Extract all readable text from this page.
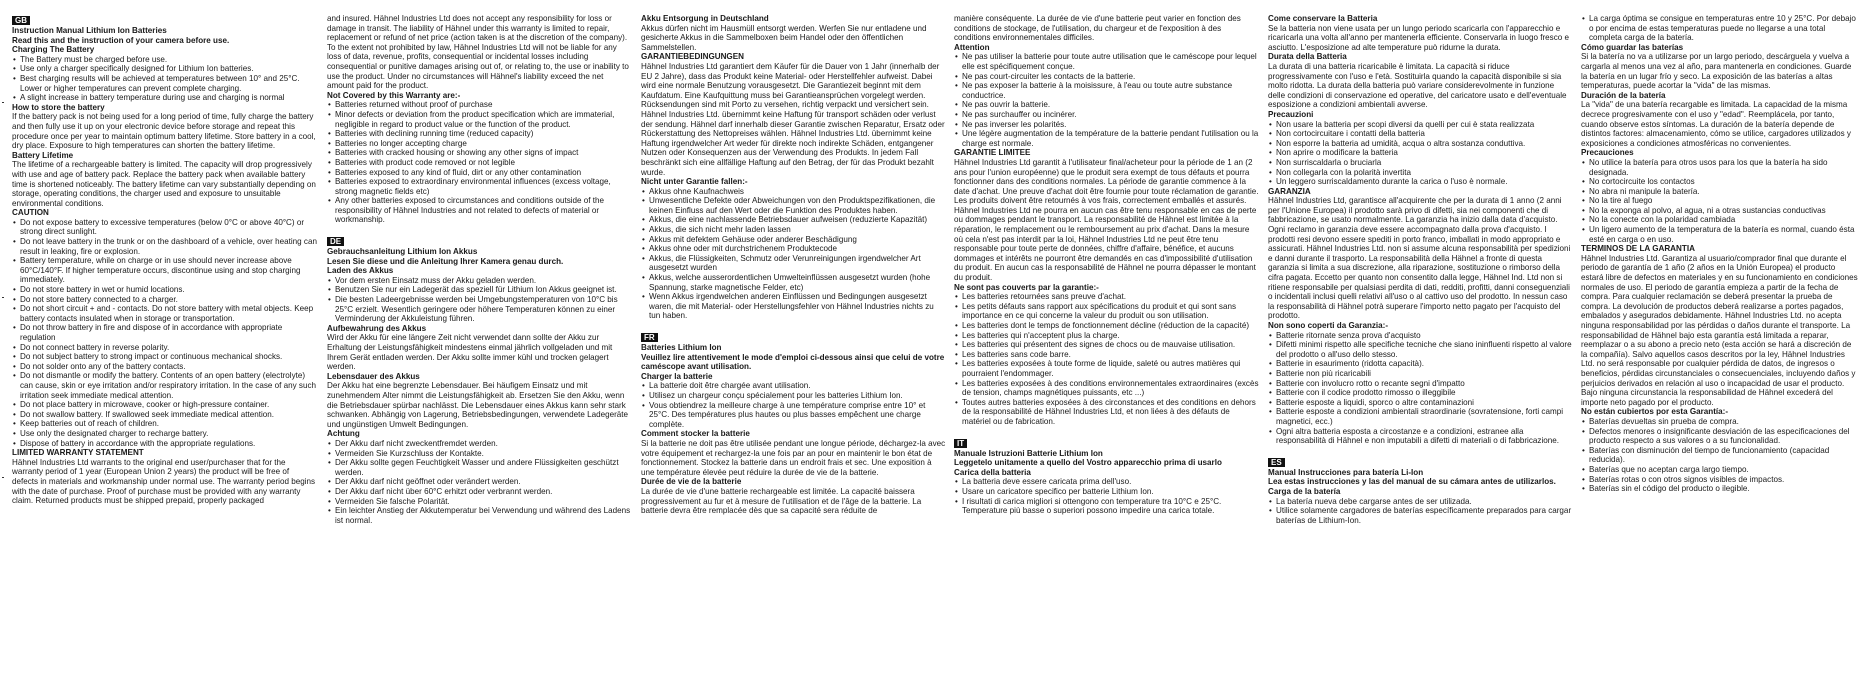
GB

Instruction Manual Lithium Ion Batteries

Read this and the instruction of your camera before use.

Charging The Battery

• The Battery must be charged before use.
• Use only a charger specifically designed for Lithium Ion batteries.
• Best charging results will be achieved at temperatures between 10° and 25°C. Lower or higher temperatures can prevent complete charging.
• A slight increase in battery temperature during use and charging is normal

How to store the battery

If the battery pack is not being used for a long period of time, fully charge the battery and then fully use it up on your electronic device before storage and repeat this procedure once per year to maintain optimum battery lifetime. Store battery in a cool, dry place. Exposure to high temperatures can shorten the battery lifetime.

Battery Lifetime

The lifetime of a rechargeable battery is limited. The capacity will drop progressively with use and age of battery pack. Replace the battery pack when available battery time is shortened noticeably. The battery lifetime can vary substantially depending on storage, operating conditions, the charger used and exposure to unsuitable environmental conditions.

CAUTION

• Do not expose battery to excessive temperatures (below 0°C or above 40°C) or strong direct sunlight.
• Do not leave battery in the trunk or on the dashboard of a vehicle, over heating can result in leaking, fire or explosion.
• Battery temperature, while on charge or in use should never increase above 60°C/140°F. If higher temperature occurs, discontinue using and stop charging immediately.
• Do not store battery in wet or humid locations.
• Do not store battery connected to a charger.
• Do not short circuit + and - contacts. Do not store battery with metal objects. Keep battery contacts insulated when in storage or transportation.
• Do not throw battery in fire and dispose of in accordance with appropriate regulation
• Do not connect battery in reverse polarity.
• Do not subject battery to strong impact or continuous mechanical shocks.
• Do not solder onto any of the battery contacts.
• Do not dismantle or modify the battery. Contents of an open battery (electrolyte) can cause, skin or eye irritation and/or respiratory irritation. In the case of any such irritation seek immediate medical attention.
• Do not place battery in microwave, cooker or high-pressure container.
• Do not swallow battery. If swallowed seek immediate medical attention.
• Keep batteries out of reach of children.
• Use only the designated charger to recharge battery.
• Dispose of battery in accordance with the appropriate regulations.

LIMITED WARRANTY STATEMENT

Hähnel Industries Ltd warrants to the original end user/purchaser that for the warranty period of 1 year (European Union 2 years) the product will be free of defects in materials and workmanship under normal use. The warranty period begins with the date of purchase. Proof of purchase must be provided with any warranty claim. Returned products must be shipped prepaid, properly packaged

and insured. Hähnel Industries Ltd does not accept any responsibility for loss or damage in transit. The liability of Hähnel under this warranty is limited to repair, replacement or refund of net price (action taken is at the discretion of the company). To the extent not prohibited by law, Hähnel Industries Ltd will not be liable for any loss of data, revenue, profits, consequential or incidental losses including consequential or punitive damages arising out of, or relating to, the use or inability to use the product. Under no circumstances will Hähnel's liability exceed the net amount paid for the product.

Not Covered by this Warranty are:-

• Batteries returned without proof of purchase
• Minor defects or deviation from the product specification which are immaterial, negligible in regard to product value or the function of the product.
• Batteries with declining running time (reduced capacity)
• Batteries no longer accepting charge
• Batteries with cracked housing or showing any other signs of impact
• Batteries with product code removed or not legible
• Batteries exposed to any kind of fluid, dirt or any other contamination
• Batteries exposed to extraordinary environmental influences (excess voltage, strong magnetic fields etc)
• Any other batteries exposed to circumstances and conditions outside of the responsibility of Hähnel Industries and not related to defects of material or workmanship.
DE

Gebrauchsanleitung Lithium Ion Akkus

Lesen Sie diese und die Anleitung Ihrer Kamera genau durch.

Laden des Akkus

• Vor dem ersten Einsatz muss der Akku geladen werden.
• Benutzen Sie nur ein Ladegerät das speziell für Lithium Ion Akkus geeignet ist.
• Die besten Ladeergebnisse werden bei Umgebungstemperaturen von 10°C bis 25°C erzielt. Wesentlich geringere oder höhere Temperaturen können zu einer Verminderung der Akkuleistung führen.

Aufbewahrung des Akkus

Wird der Akku für eine längere Zeit nicht verwendet dann sollte der Akku zur Erhaltung der Leistungsfähigkeit mindestens einmal jährlich vollgeladen und mit Ihrem Gerät entladen werden. Der Akku sollte immer kühl und trocken gelagert werden.

Lebensdauer des Akkus

Der Akku hat eine begrenzte Lebensdauer. Bei häufigem Einsatz und mit zunehmendem Alter nimmt die Leistungsfähigkeit ab. Ersetzen Sie den Akku, wenn die Betriebsdauer spürbar nachlässt. Die Lebensdauer eines Akkus kann sehr stark schwanken. Abhängig von Lagerung, Betriebsbedingungen, verwendete Ladegeräte und ungünstigen Umwelt Bedingungen.

Achtung

• Der Akku darf nicht zweckentfremdet werden.
• Vermeiden Sie Kurzschluss der Kontakte.
• Der Akku sollte gegen Feuchtigkeit Wasser und andere Flüssigkeiten geschützt werden.
• Der Akku darf nicht geöffnet oder verändert werden.
• Der Akku darf nicht über 60°C erhitzt oder verbrannt werden.
• Vermeiden Sie falsche Polarität.
• Ein leichter Anstieg der Akkutemperatur bei Verwendung und während des Ladens ist normal.

Akku Entsorgung in Deutschland

Akkus dürfen nicht im Hausmüll entsorgt werden. Werfen Sie nur entladene und gesicherte Akkus in die Sammelboxen beim Handel oder den öffentlichen Sammelstellen.

GARANTIEBEDINGUNGEN

Hähnel Industries Ltd garantiert dem Käufer für die Dauer von 1 Jahr (innerhalb der EU 2 Jahre), dass das Produkt keine Material- oder Herstellfehler aufweist. Dabei wird eine normale Benutzung vorausgesetzt. Die Garantiezeit beginnt mit dem Kaufdatum. Eine Kaufquittung muss bei Garantieansprüchen vorgelegt werden. Rücksendungen sind mit Porto zu versehen, richtig verpackt und versichert sein. Hähnel Industries Ltd. übernimmt keine Haftung für transport schäden oder verlust der sendung. Hähnel darf innerhalb dieser Garantie zwischen Reparatur, Ersatz oder Rückerstattung des Nettopreises wählen. Hähnel Industries Ltd. übernimmt keine Haftung irgendwelcher Art weder für direkte noch indirekte Schäden, entgangener Nutzen oder Konsequenzen aus der Verwendung des Produkts. In jedem Fall beschränkt sich eine allfällige Haftung auf den Betrag, der für das Produkt bezahlt wurde.

Nicht unter Garantie fallen:-

• Akkus ohne Kaufnachweis
• Unwesentliche Defekte oder Abweichungen von den Produktspezifikationen, die keinen Einfluss auf den Wert oder die Funktion des Produktes haben.
• Akkus, die eine nachlassende Betriebsdauer aufweisen (reduzierte Kapazität)
• Akkus, die sich nicht mehr laden lassen
• Akkus mit defektem Gehäuse oder anderer Beschädigung
• Akkus ohne oder mit durchstrichenem Produktecode
• Akkus, die Flüssigkeiten, Schmutz oder Verunreinigungen irgendwelcher Art ausgesetzt wurden
• Akkus, welche ausserordentlichen Umwelteinflüssen ausgesetzt wurden (hohe Spannung, starke magnetische Felder, etc)
• Wenn Akkus irgendwelchen anderen Einflüssen und Bedingungen ausgesetzt waren, die mit Material- oder Herstellungsfehler von Hähnel Industries nichts zu tun haben.
FR

Batteries Lithium Ion

Veuillez lire attentivement le mode d'emploi ci-dessous ainsi que celui de votre caméscope avant utilisation.

Charger la batterie

• La batterie doit être chargée avant utilisation.
• Utilisez un chargeur conçu spécialement pour les batteries Lithium Ion.
• Vous obtiendrez la meilleure charge à une température comprise entre 10° et 25°C. Des températures plus hautes ou plus basses empêchent une charge complète.

Comment stocker la batterie

Si la batterie ne doit pas être utilisée pendant une longue période, déchargez-la avec votre équipement et rechargez-la une fois par an pour en maintenir le bon état de fonctionnement. Stockez la batterie dans un endroit frais et sec. Une exposition à une température élevée peut réduire la durée de vie de la batterie.

Durée de vie de la batterie

La durée de vie d'une batterie rechargeable est limitée. La capacité baissera progressivement au fur et à mesure de l'utilisation et de l'âge de la batterie. La batterie devra être remplacée dès que sa capacité sera réduite de

manière conséquente. La durée de vie d'une batterie peut varier en fonction des conditions de stockage, de l'utilisation, du chargeur et de l'exposition à des conditions environnementales difficiles.

Attention

• Ne pas utiliser la batterie pour toute autre utilisation que le caméscope pour lequel elle est spécifiquement conçue.
• Ne pas court-circuiter les contacts de la batterie.
• Ne pas exposer la batterie à la moisissure, à l'eau ou toute autre substance conductrice.
• Ne pas ouvrir la batterie.
• Ne pas surchauffer ou incinérer.
• Ne pas inverser les polarités.
• Une légère augmentation de la température de la batterie pendant l'utilisation ou la charge est normale.

GARANTIE LIMITEE

Hähnel Industries Ltd garantit à l'utilisateur final/acheteur pour la période de 1 an (2 ans pour l'union européenne) que le produit sera exempt de tous défauts et pourra fonctionner dans des conditions normales. La période de garantie commence à la date d'achat. Une preuve d'achat doit être fournie pour toute réclamation de garantie. Les produits doivent être retournés à vos frais, correctement emballés et assurés. Hähnel Industries Ltd ne pourra en aucun cas être tenu responsable en cas de perte ou dommages pendant le transport. La responsabilité de Hähnel est limitée à la réparation, le remplacement ou le remboursement au prix d'achat. Dans la mesure où cela n'est pas interdit par la loi, Hähnel Industries Ltd ne peut être tenu responsable pour toute perte de données, chiffre d'affaire, bénéfice, et aucuns dommages et intérêts ne pourront être demandés en cas d'impossibilité d'utilisation du produit. En aucun cas la responsabilité de Hähnel ne pourra dépasser le montant du produit.

Ne sont pas couverts par la garantie:-

• Les batteries retournées sans preuve d'achat.
• Les petits défauts sans rapport aux spécifications du produit et qui sont sans importance en ce qui concerne la valeur du produit ou son utilisation.
• Les batteries dont le temps de fonctionnement décline (réduction de la capacité)
• Les batteries qui n'acceptent plus la charge.
• Les batteries qui présentent des signes de chocs ou de mauvaise utilisation.
• Les batteries sans code barre.
• Les batteries exposées à toute forme de liquide, saleté ou autres matières qui pourraient l'endommager.
• Les batteries exposées à des conditions environnementales extraordinaires (excès de tension, champs magnétiques puissants, etc ...)
• Toutes autres batteries exposées à des circonstances et des conditions en dehors de la responsabilité de Hähnel Industries Ltd, et non liées à des défauts de matériel ou de fabrication.
IT

Manuale Istruzioni Batterie Lithium Ion

Leggetelo unitamente a quello del Vostro apparecchio prima di usarlo

Carica della batteria

• La batteria deve essere caricata prima dell'uso.
• Usare un caricatore specifico per batterie Lithium Ion.
• I risultati di carica migliori si ottengono con temperature tra 10°C e 25°C. Temperature più basse o superiori possono impedire una carica totale.

Come conservare la Batteria

Se la batteria non viene usata per un lungo periodo scaricarla con l'apparecchio e ricaricarla una volta all'anno per mantenerla efficiente. Conservarla in luogo fresco e asciutto. L'esposizione ad alte temperature può ridurne la durata.

Durata della Batteria

La durata di una batteria ricaricabile è limitata. La capacità si riduce progressivamente con l'uso e l'età. Sostituirla quando la capacità disponibile si sia molto ridotta. La durata della batteria può variare considerevolmente in funzione delle condizioni di conservazione ed operative, del caricatore usato e dell'eventuale esposizione a condizioni ambientali avverse.

Precauzioni

• Non usare la batteria per scopi diversi da quelli per cui è stata realizzata
• Non cortocircuitare i contatti della batteria
• Non esporre la batteria ad umidità, acqua o altra sostanza conduttiva.
• Non aprire o modificare la batteria
• Non surriscaldarla o bruciarla
• Non collegarla con la polarità invertita
• Un leggero surriscaldamento durante la carica o l'uso è normale.

GARANZIA

Hähnel Industries Ltd, garantisce all'acquirente che per la durata di 1 anno (2 anni per l'Unione Europea) il prodotto sarà privo di difetti, sia nei componenti che di fabbricazione, se usato normalmente. La garanzia ha inizio dalla data d'acquisto. Ogni reclamo in garanzia deve essere accompagnato dalla prova d'acquisto. I prodotti resi devono essere spediti in porto franco, imballati in modo appropriato e assicurati. Hähnel Industries Ltd. non si assume alcuna responsabilità per spedizioni e danni durante il trasporto. La responsabilità della Hähnel a fronte di questa garanzia si limita a sua discrezione, alla riparazione, sostituzione o rimborso della cifra pagata. Eccetto per quanto non consentito dalla legge, Hähnel Ind. Ltd non si ritiene responsabile per qualsiasi perdita di dati, redditi, profitti, danni conseguenziali o incidentali inclusi quelli relativi all'uso o al cattivo uso del prodotto. In nessun caso la responsabilità di Hähnel potrà superare l'importo netto pagato per l'acquisto del prodotto.

Non sono coperti da Garanzia:-

• Batterie ritornate senza prova d'acquisto
• Difetti minimi rispetto alle specifiche tecniche che siano ininfluenti rispetto al valore del prodotto o all'uso dello stesso.
• Batterie in esaurimento (ridotta capacità).
• Batterie non più ricaricabili
• Batterie con involucro rotto o recante segni d'impatto
• Batterie con il codice prodotto rimosso o illeggibile
• Batterie esposte a liquidi, sporco o altre contaminazioni
• Batterie esposte a condizioni ambientali straordinarie (sovratensione, forti campi magnetici, ecc.)
• Ogni altra batteria esposta a circostanze e a condizioni, estranee alla responsabilità di Hähnel e non imputabili a difetti di materiali o di fabbricazione.
ES

Manual Instrucciones para batería Li-Ion

Lea estas instrucciones y las del manual de su cámara antes de utilizarlos.

Carga de la batería

• La batería nueva debe cargarse antes de ser utilizada.
• Utilice solamente cargadores de baterías específicamente preparados para cargar baterías de Lithium-Ion.
• La carga óptima se consigue en temperaturas entre 10 y 25°C. Por debajo o por encima de estas temperaturas puede no llegarse a una total completa carga de la batería.

Cómo guardar las baterías

Si la batería no va a utilizarse por un largo periodo, descárguela y vuelva a cargarla al menos una vez al año, para mantenerla en condiciones. Guarde la batería en un lugar frío y seco. La exposición de las baterías a altas temperaturas, puede acortar la "vida" de las mismas.

Duración de la batería

La "vida" de una batería recargable es limitada. La capacidad de la misma decrece progresivamente con el uso y "edad". Reemplácela, por tanto, cuando observe estos síntomas. La duración de la batería depende de distintos factores: almacenamiento, cómo se utilice, cargadores utilizados y exposiciones a condiciones atmosféricas no convenientes.

Precauciones

• No utilice la batería para otros usos para los que la batería ha sido designada.
• No cortocircuite los contactos
• No abra ni manipule la batería.
• No la tire al fuego
• No la exponga al polvo, al agua, ni a otras sustancias conductivas
• No la conecte con la polaridad cambiada
• Un ligero aumento de la temperatura de la batería es normal, cuando ésta esté en carga o en uso.

TERMINOS DE LA GARANTIA

Hähnel Industries Ltd. Garantiza al usuario/comprador final que durante el periodo de garantía de 1 año (2 años en la Unión Europea) el producto estará libre de defectos en materiales y en su funcionamiento en condiciones normales de uso. El periodo de garantía empieza a partir de la fecha de compra. Para cualquier reclamación se deberá presentar la prueba de compra. La devolución de productos deberá realizarse a portes pagados, embalados y asegurados debidamente. Hähnel Industries Ltd. no acepta ninguna responsabilidad por las pérdidas o daños durante el transporte. La responsabilidad de Hähnel bajo esta garantía está limitada a reparar, reemplazar o a su abono a precio neto (esta acción se hará a discreción de la compañía). Salvo aquellos casos descritos por la ley, Hähnel Industries Ltd. no será responsable por cualquier pérdida de datos, de ingresos o beneficios, pérdidas circunstanciales o consecuenciales, incluyendo daños y perjuicios derivados en relación al uso o incapacidad de usar el producto. Bajo ninguna circunstancia la responsabilidad de Hähnel excederá del importe neto pagado por el producto.

No están cubiertos por esta Garantía:-

• Baterías devueltas sin prueba de compra.
• Defectos menores o insignificante desviación de las especificaciones del producto respecto a sus valores o a su funcionalidad.
• Baterías con disminución del tiempo de funcionamiento (capacidad reducida).
• Baterías que no aceptan carga largo tiempo.
• Baterías rotas o con otros signos visibles de impactos.
• Baterías sin el código del producto o ilegible.
